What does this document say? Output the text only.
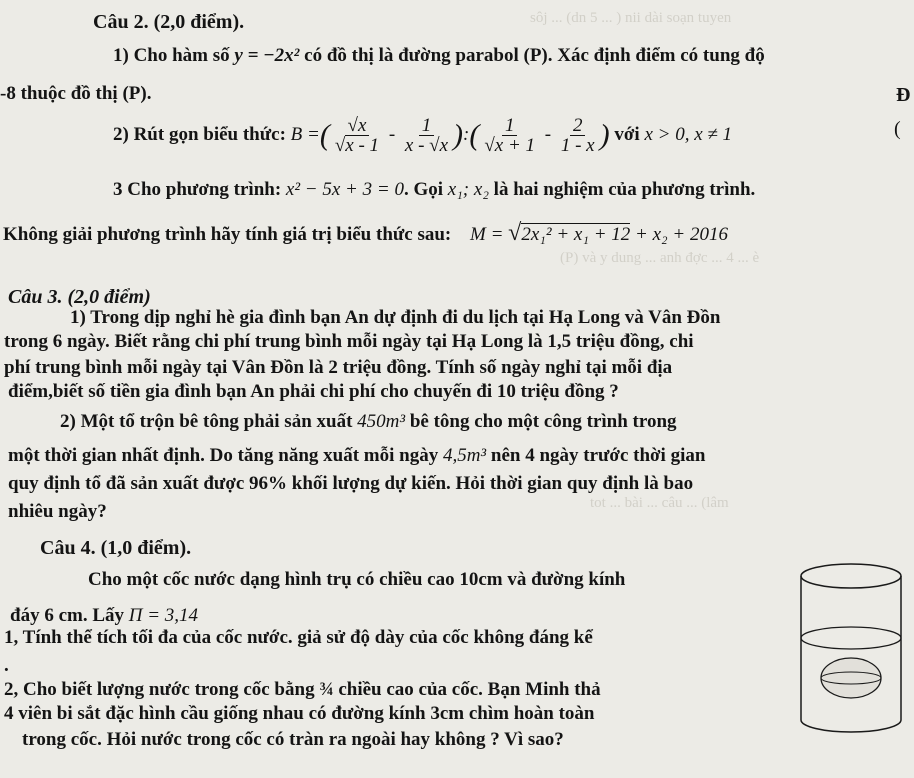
sôj ... (dn 5 ... ) nii dài soạn tuyen
(P) và y dung ... anh đợc ... 4 ... è
tot ... bài ... câu ... (lâm
Câu 2. (2,0 điểm).
1) Cho hàm số y = −2x² có đồ thị là đường parabol (P). Xác định điểm có tung độ
-8 thuộc đồ thị (P).
2) Rút gọn biểu thức: B =( $\frac{√x}{√x - 1} - \frac{1}{x - √x}$ ):( $\frac{1}{√x + 1} - \frac{2}{1 - x}$ ) với x > 0, x ≠ 1
3 Cho phương trình: x² − 5x + 3 = 0. Gọi x₁; x₂ là hai nghiệm của phương trình.
Không giải phương trình hãy tính giá trị biểu thức sau: M = √2x₁² + x₁ + 12 + x₂ + 2016
Câu 3. (2,0 điểm)
1) Trong dịp nghỉ hè gia đình bạn An dự định đi du lịch tại Hạ Long và Vân Đồn
trong 6 ngày. Biết rằng chi phí trung bình mỗi ngày tại Hạ Long là 1,5 triệu đồng, chi
phí trung bình mỗi ngày tại Vân Đồn là 2 triệu đồng. Tính số ngày nghỉ tại mỗi địa
điểm,biết số tiền gia đình bạn An phải chi phí cho chuyến đi 10 triệu đồng ?
2) Một tổ trộn bê tông phải sản xuất 450m³ bê tông cho một công trình trong
một thời gian nhất định. Do tăng năng xuất mỗi ngày 4,5m³ nên 4 ngày trước thời gian
quy định tổ đã sản xuất được 96% khối lượng dự kiến. Hỏi thời gian quy định là bao
nhiêu ngày?
Câu 4. (1,0 điểm).
Cho một cốc nước dạng hình trụ có chiều cao 10cm và đường kính
đáy 6 cm. Lấy Π = 3,14
1, Tính thể tích tối đa của cốc nước. giả sử độ dày của cốc không đáng kể
.
2, Cho biết lượng nước trong cốc bằng ¾ chiều cao của cốc. Bạn Minh thả
4 viên bi sắt đặc hình cầu giống nhau có đường kính 3cm chìm hoàn toàn
trong cốc. Hỏi nước trong cốc có tràn ra ngoài hay không ? Vì sao?
Đ
(
